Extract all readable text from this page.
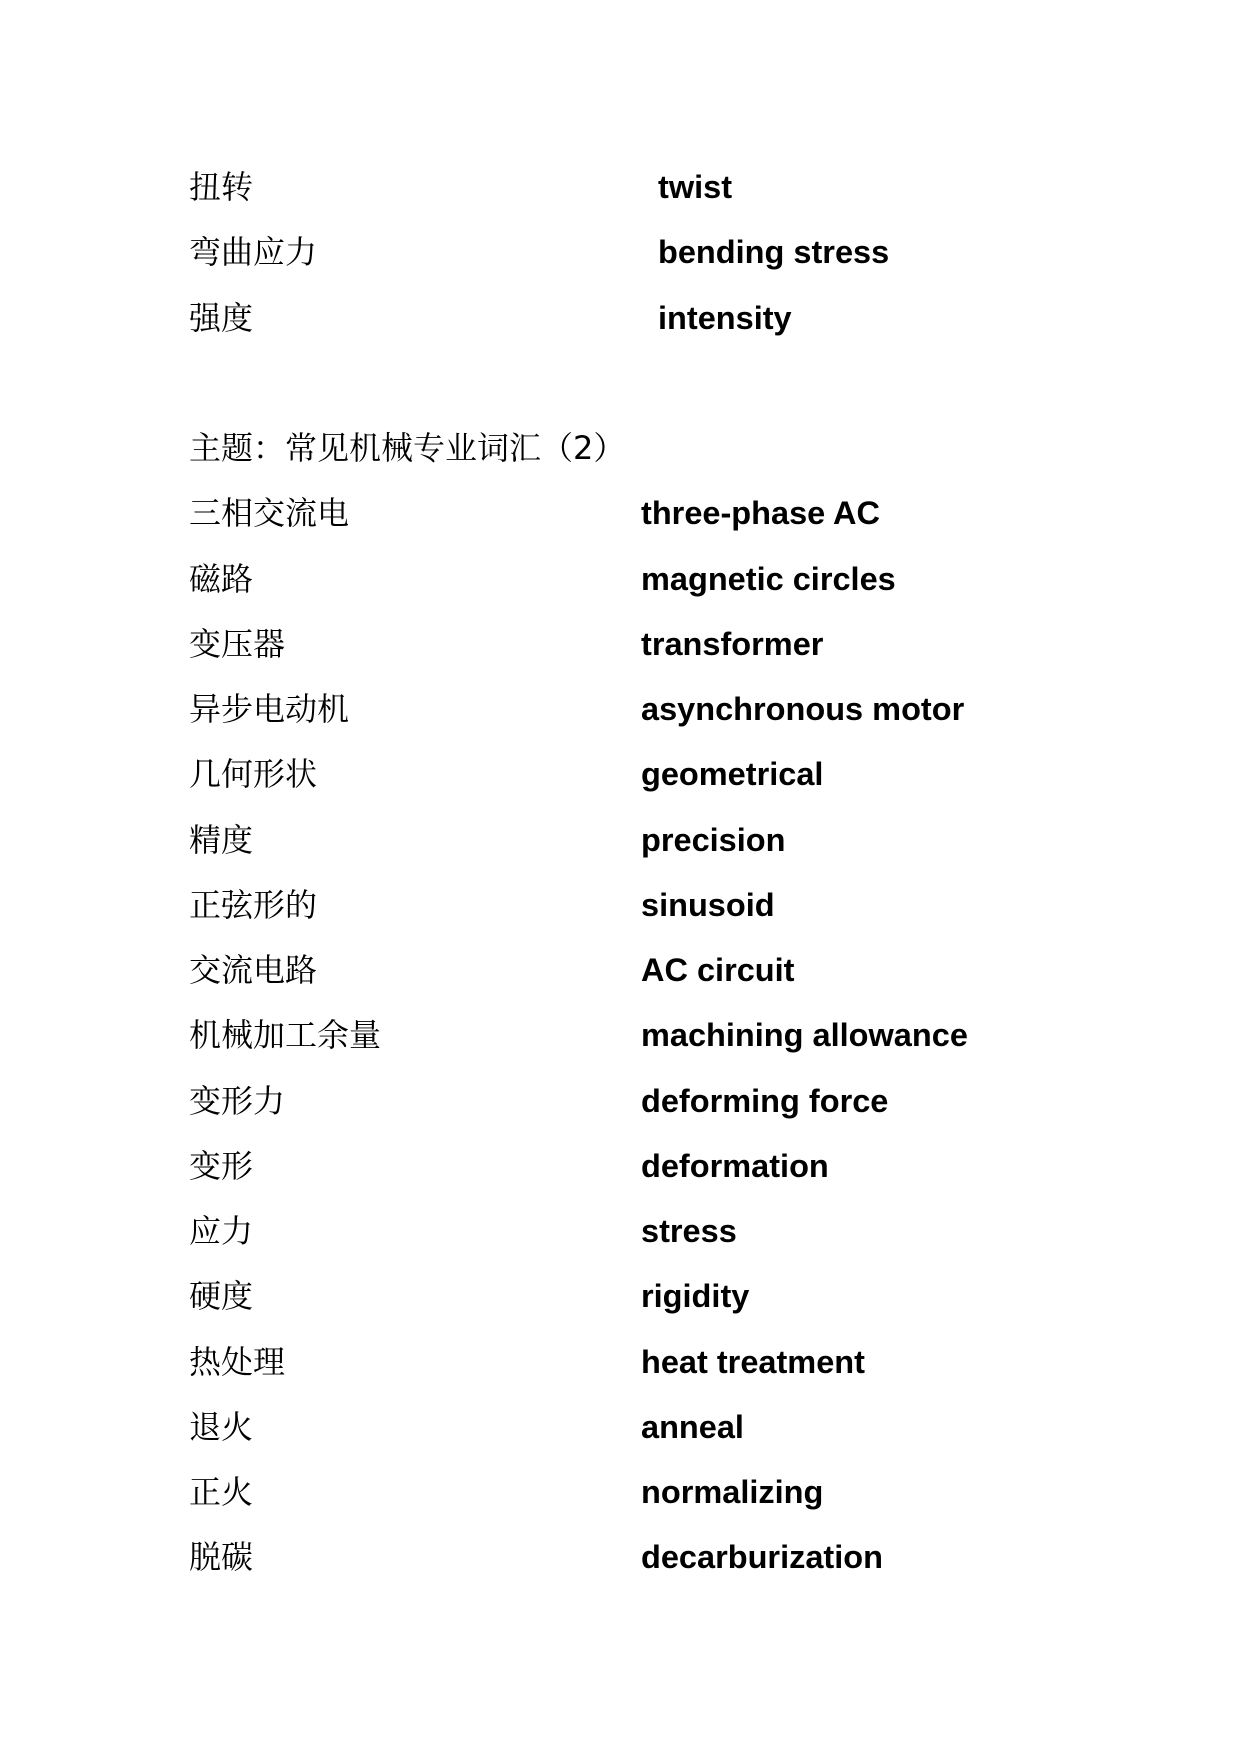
扭转	twist
弯曲应力	bending stress
强度	intensity
主题：常见机械专业词汇（2）
三相交流电	three-phase AC
磁路	magnetic circles
变压器	transformer
异步电动机	asynchronous motor
几何形状	geometrical
精度	precision
正弦形的	sinusoid
交流电路	AC circuit
机械加工余量	machining allowance
变形力	deforming force
变形	deformation
应力	stress
硬度	rigidity
热处理	heat treatment
退火	anneal
正火	normalizing
脱碳	decarburization
